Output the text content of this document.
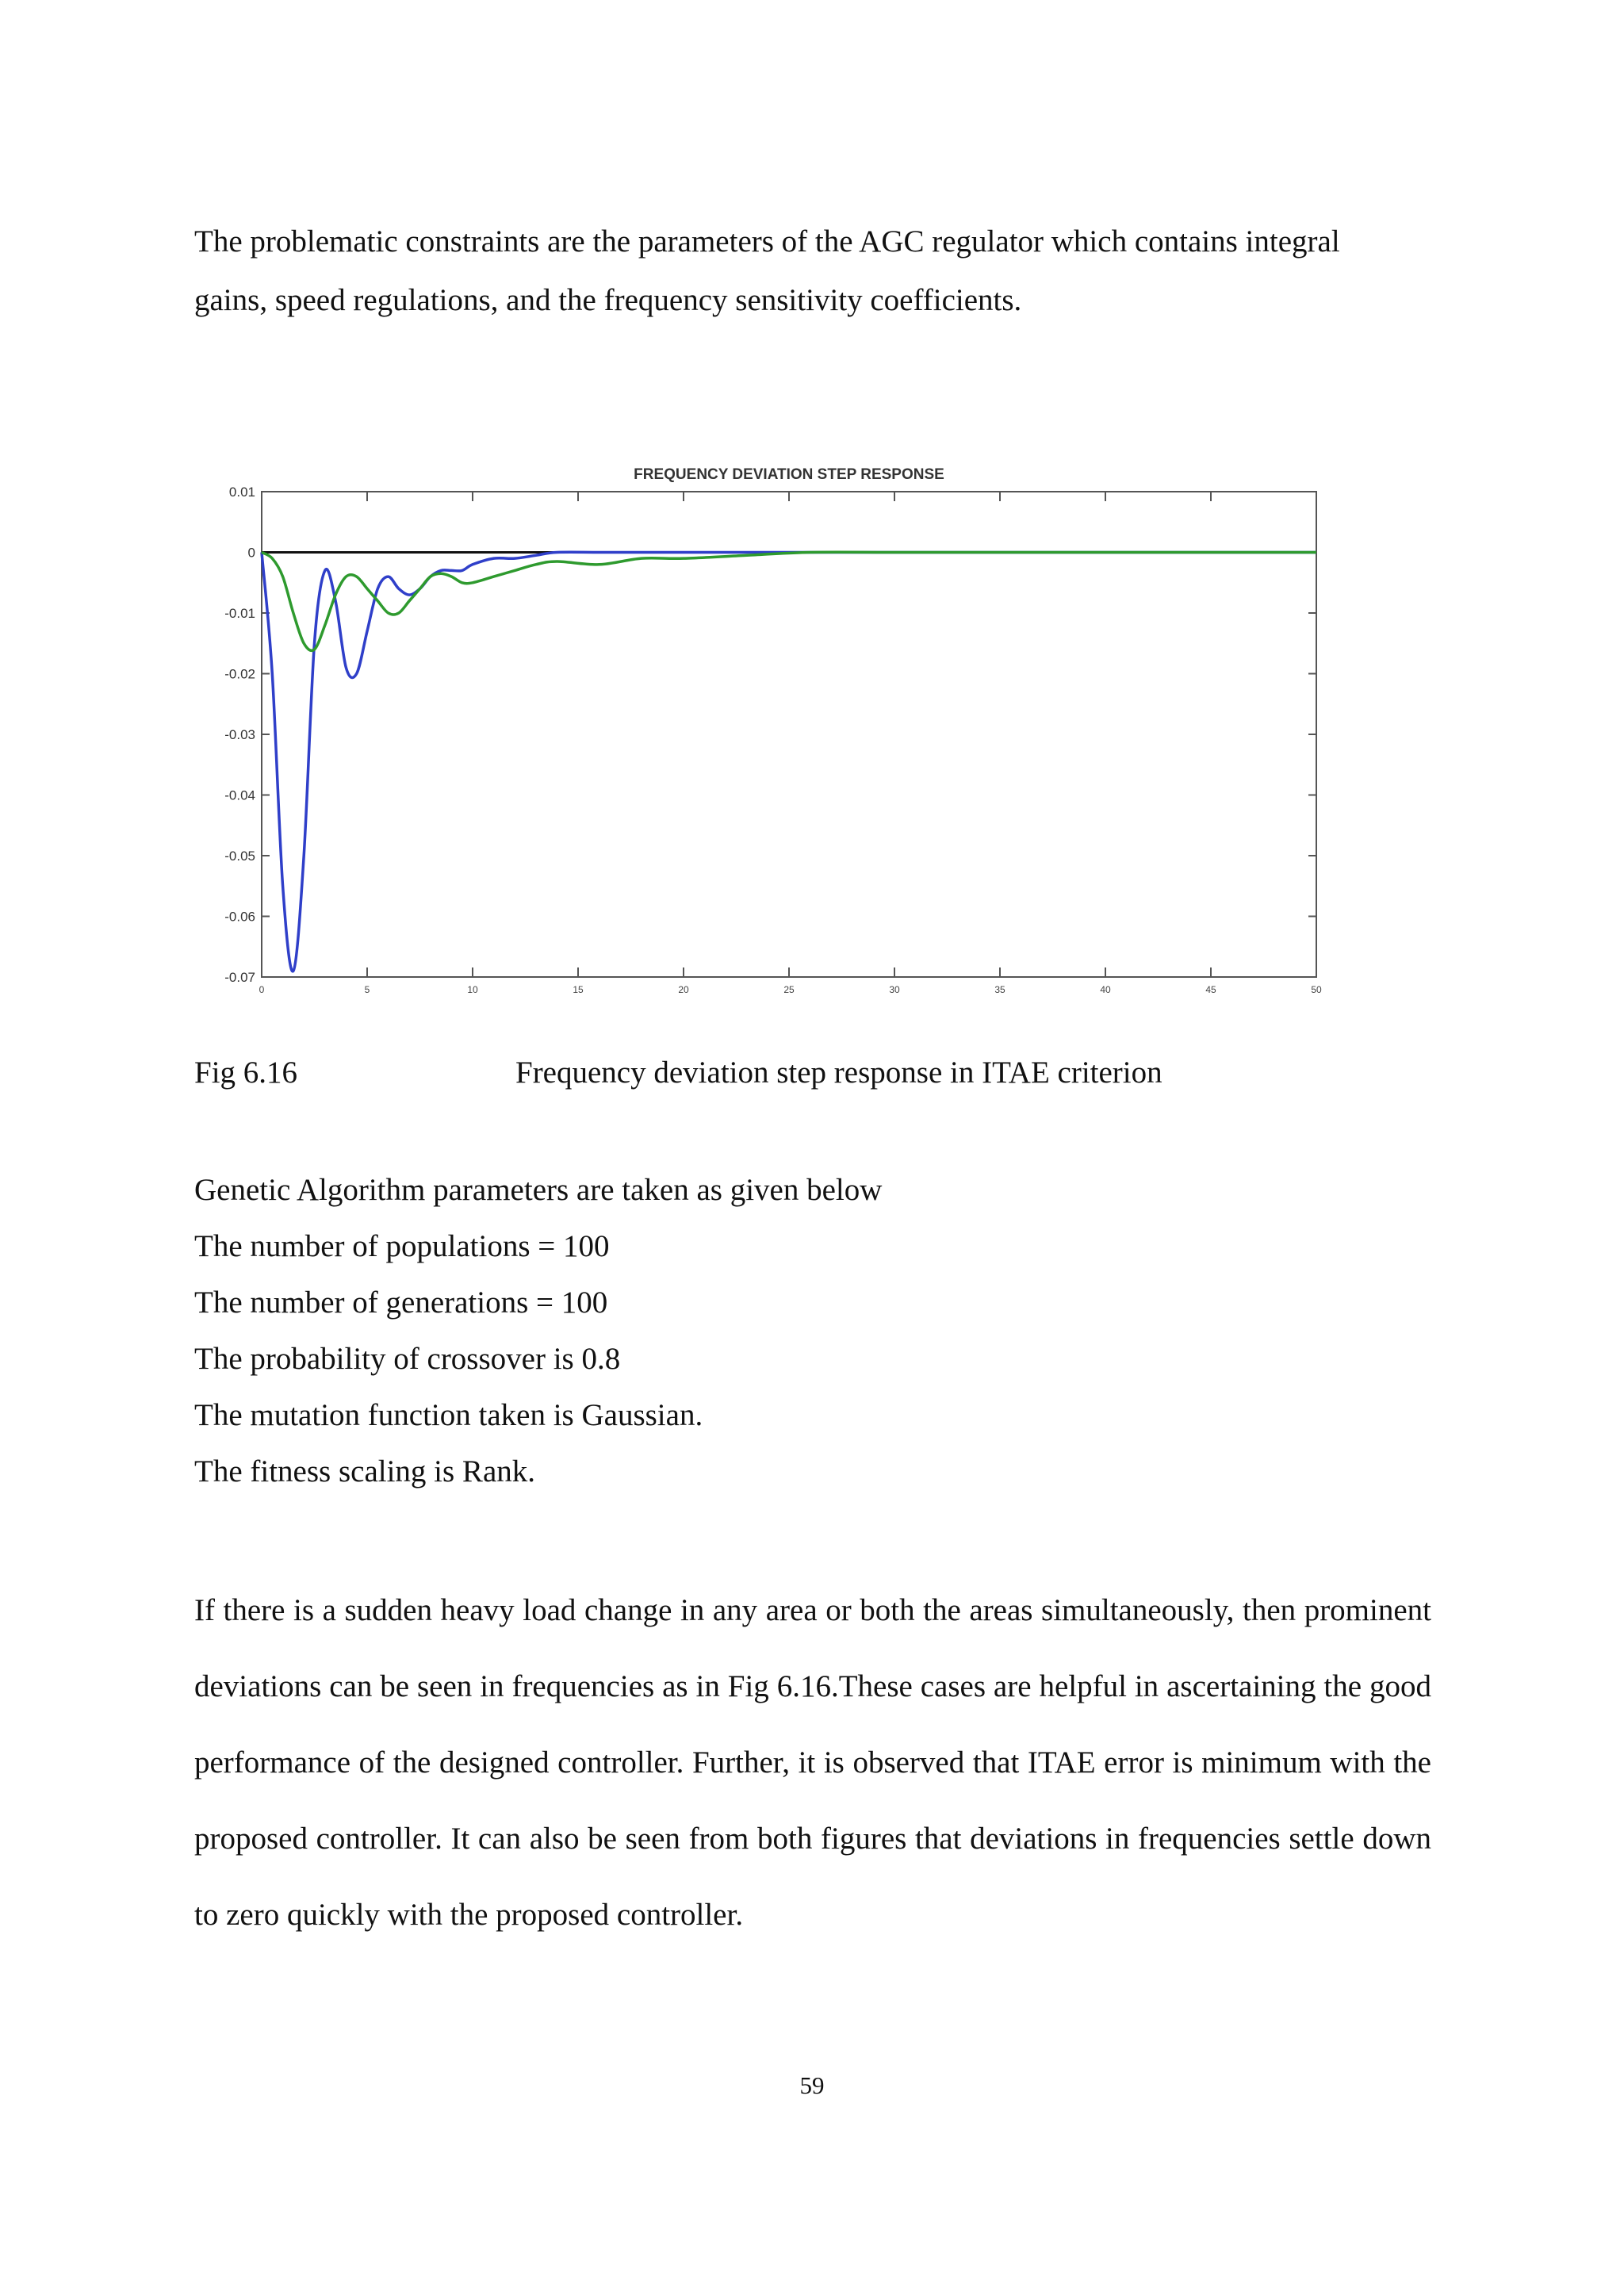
The problematic constraints are the parameters of the AGC regulator which contains integral
gains, speed regulations, and the frequency sensitivity coefficients.

FREQUENCY DEVIATION STEP RESPONSE
0.01
0
-0.01
-0.02
-0.03
-0.04
-0.05
-0.06
-0.07
0	5	10	15	20	25	30	35	40	45	50
Fig 6.16	Frequency deviation step response in ITAE criterion
Genetic Algorithm parameters are taken as given below
The number of populations = 100
The number of generations = 100
The probability of crossover is 0.8
The mutation function taken is Gaussian.
The fitness scaling is Rank.

If there is a sudden heavy load change in any area or both the areas simultaneously, then prominent deviations can be seen in frequencies as in Fig 6.16.These cases are helpful in ascertaining the good performance of the designed controller. Further, it is observed that ITAE error is minimum with the proposed controller. It can also be seen from both figures that deviations in frequencies settle down to zero quickly with the proposed controller.

59
